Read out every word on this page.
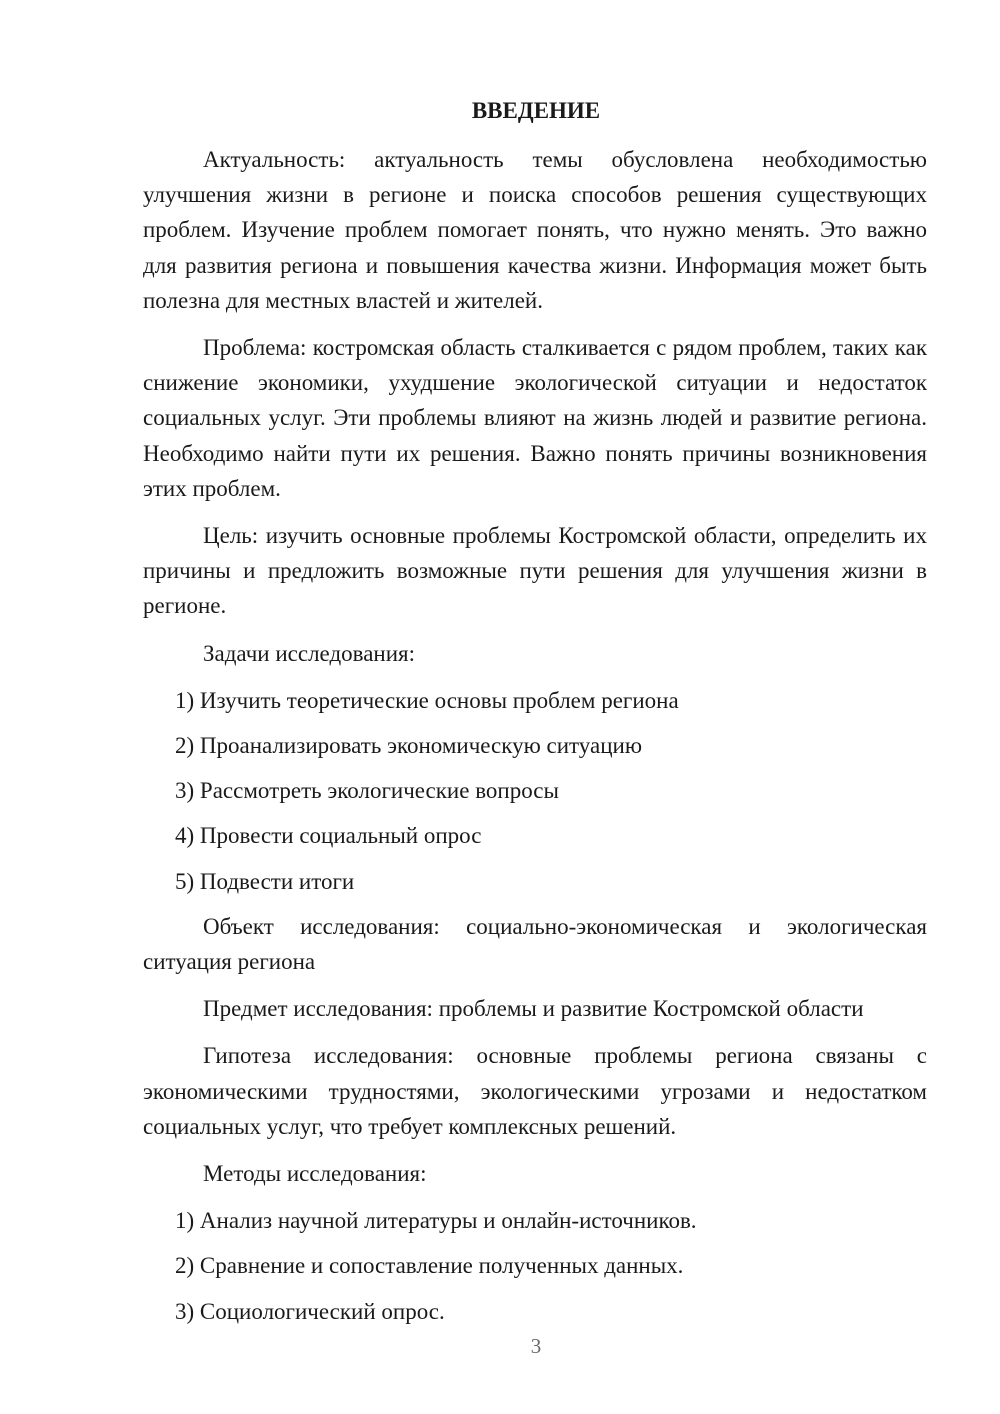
ВВЕДЕНИЕ

Актуальность: актуальность темы обусловлена необходимостью улучшения жизни в регионе и поиска способов решения существующих проблем. Изучение проблем помогает понять, что нужно менять. Это важно для развития региона и повышения качества жизни. Информация может быть полезна для местных властей и жителей.

Проблема: костромская область сталкивается с рядом проблем, таких как снижение экономики, ухудшение экологической ситуации и недостаток социальных услуг. Эти проблемы влияют на жизнь людей и развитие региона. Необходимо найти пути их решения. Важно понять причины возникновения этих проблем.

Цель: изучить основные проблемы Костромской области, определить их причины и предложить возможные пути решения для улучшения жизни в регионе.

Задачи исследования:

1) Изучить теоретические основы проблем региона

2) Проанализировать экономическую ситуацию

3) Рассмотреть экологические вопросы

4) Провести социальный опрос

5) Подвести итоги

Объект исследования: социально-экономическая и экологическая ситуация региона

Предмет исследования: проблемы и развитие Костромской области

Гипотеза исследования: основные проблемы региона связаны с экономическими трудностями, экологическими угрозами и недостатком социальных услуг, что требует комплексных решений.

Методы исследования:

1) Анализ научной литературы и онлайн-источников.

2) Сравнение и сопоставление полученных данных.

3) Социологический опрос.

3
